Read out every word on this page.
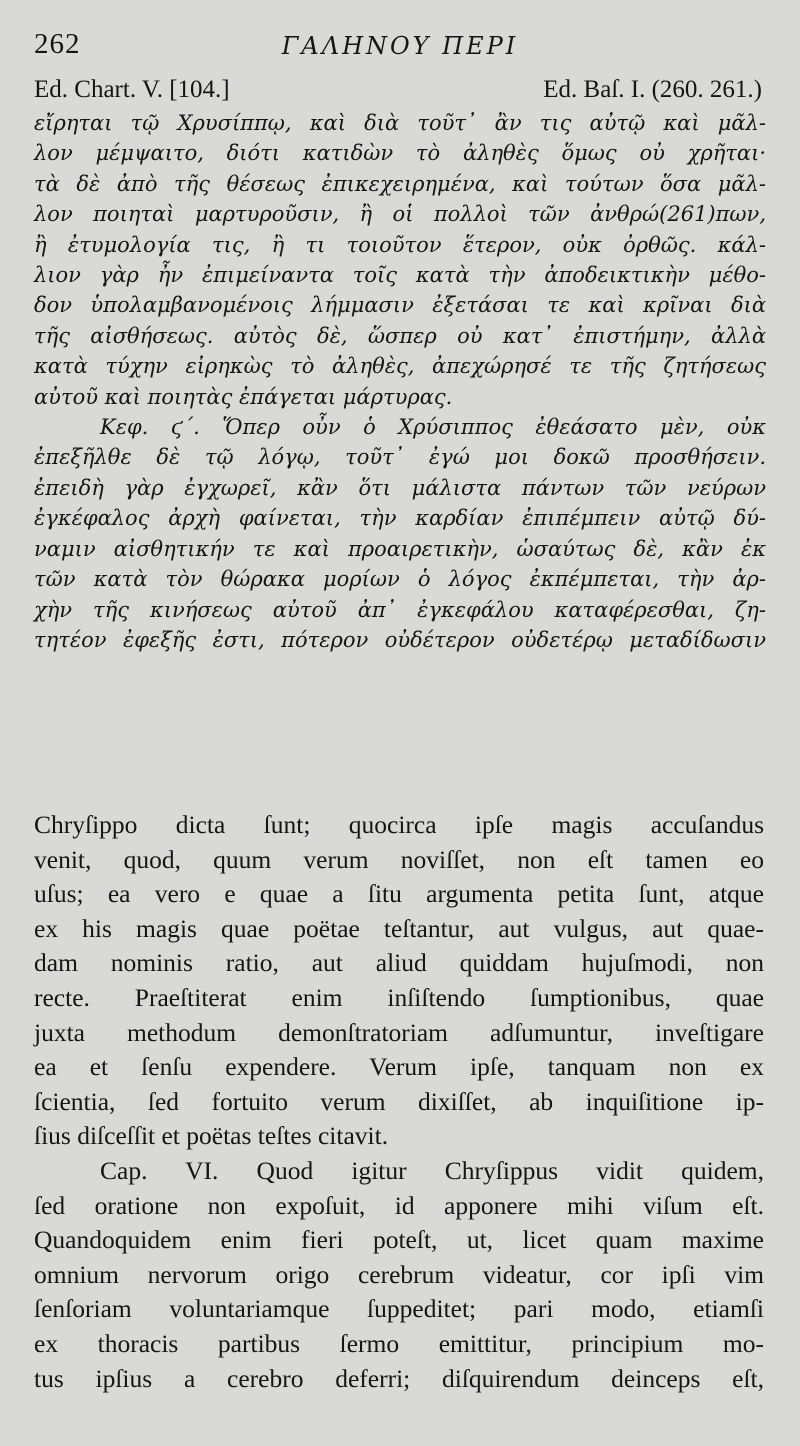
262	ΓΑΛΗΝΟΥ ΠΕΡΙ
Ed. Chart. V. [104.]	Ed. Baſ. I. (260. 261.)
εἴρηται τῷ Χρυσίππῳ, καὶ διὰ τοῦτ᾿ ἂν τις αὐτῷ καὶ μᾶλ-
λον μέμψαιτο, διότι κατιδὼν τὸ ἀληθὲς ὅμως οὐ χρῆται·
τὰ δὲ ἀπὸ τῆς θέσεως ἐπικεχειρημένα, καὶ τούτων ὅσα μᾶλ-
λον ποιηταὶ μαρτυροῦσιν, ἢ οἱ πολλοὶ τῶν ἀνθρώ(261)πων,
ἢ ἐτυμολογία τις, ἢ τι τοιοῦτον ἕτερον, οὐκ ὀρθῶς. κάλ-
λιον γὰρ ἦν ἐπιμείναντα τοῖς κατὰ τὴν ἀποδεικτικὴν μέθο-
δον ὑπολαμβανομένοις λήμμασιν ἐξετάσαι τε καὶ κρῖναι διὰ
τῆς αἰσθήσεως. αὐτὸς δὲ, ὥσπερ οὐ κατ᾿ ἐπιστήμην, ἀλλὰ
κατὰ τύχην εἰρηκὼς τὸ ἀληθὲς, ἀπεχώρησέ τε τῆς ζητήσεως
αὐτοῦ καὶ ποιητὰς ἐπάγεται μάρτυρας.
Κεφ. ϛ΄. Ὅπερ οὖν ὁ Χρύσιππος ἐθεάσατο μὲν, οὐκ
ἐπεξῆλθε δὲ τῷ λόγῳ, τοῦτ᾿ ἐγώ μοι δοκῶ προσθήσειν.
ἐπειδὴ γὰρ ἐγχωρεῖ, κἂν ὅτι μάλιστα πάντων τῶν νεύρων
ἐγκέφαλος ἀρχὴ φαίνεται, τὴν καρδίαν ἐπιπέμπειν αὐτῷ δύ-
ναμιν αἰσθητικήν τε καὶ προαιρετικὴν, ὡσαύτως δὲ, κἂν ἐκ
τῶν κατὰ τὸν θώρακα μορίων ὁ λόγος ἐκπέμπεται, τὴν ἀρ-
χὴν τῆς κινήσεως αὐτοῦ ἀπ᾿ ἐγκεφάλου καταφέρεσθαι, ζη-
τητέον ἐφεξῆς ἐστι, πότερον οὐδέτερον οὐδετέρῳ μεταδίδωσιν
Chryſippo dicta ſunt; quocirca ipſe magis accuſandus
venit, quod, quum verum noviſſet, non eſt tamen eo
uſus; ea vero e quae a ſitu argumenta petita ſunt, atque
ex his magis quae poëtae teſtantur, aut vulgus, aut quae-
dam nominis ratio, aut aliud quiddam hujuſmodi, non
recte. Praeſtiterat enim inſiſtendo ſumptionibus, quae
juxta methodum demonſtratoriam adſumuntur, inveſtigare
ea et ſenſu expendere. Verum ipſe, tanquam non ex
ſcientia, ſed fortuito verum dixiſſet, ab inquiſitione ip-
ſius diſceſſit et poëtas teſtes citavit.
Cap. VI. Quod igitur Chryſippus vidit quidem,
ſed oratione non expoſuit, id apponere mihi viſum eſt.
Quandoquidem enim fieri poteſt, ut, licet quam maxime
omnium nervorum origo cerebrum videatur, cor ipſi vim
ſenſoriam voluntariamque ſuppeditet; pari modo, etiamſi
ex thoracis partibus ſermo emittitur, principium mo-
tus ipſius a cerebro deferri; diſquirendum deinceps eſt,
